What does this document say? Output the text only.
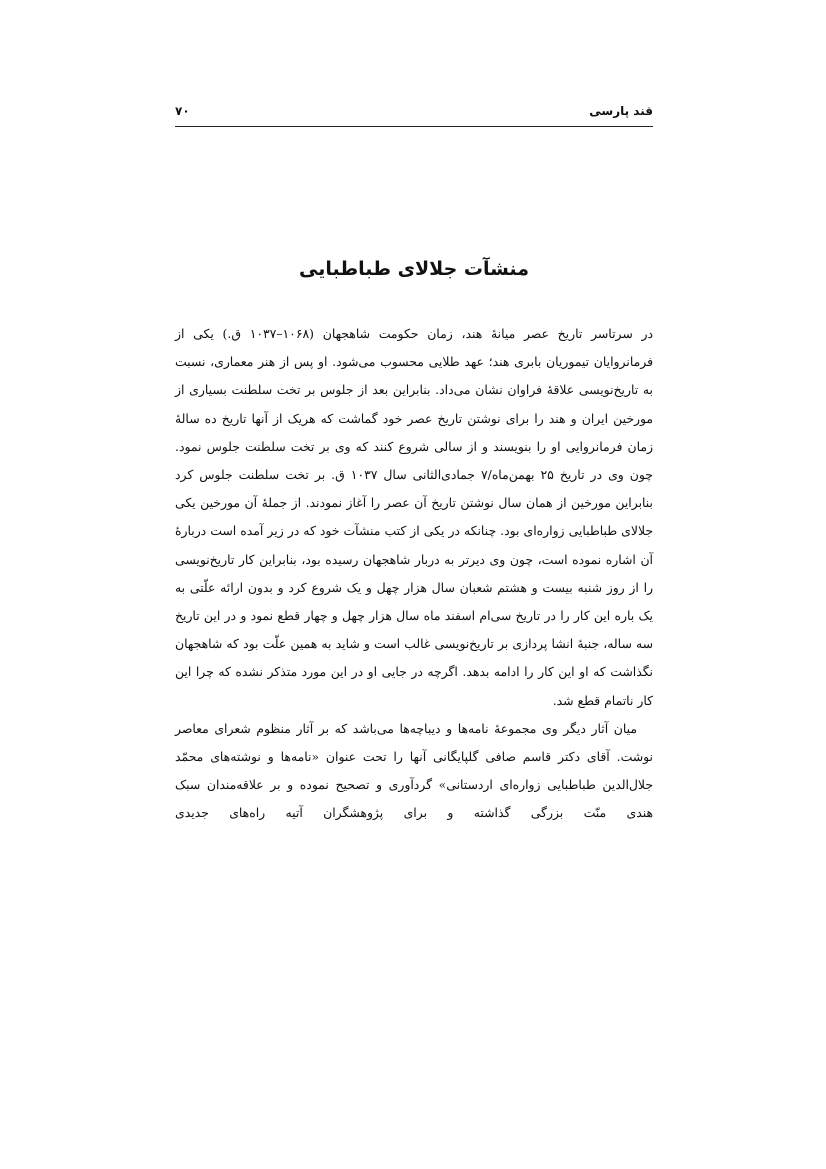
قند پارسی
۷۰
منشآت جلالای طباطبایی

در سرتاسر تاریخ عصر میانهٔ هند، زمان حکومت شاهجهان (۱۰۶۸–۱۰۳۷ ق.) یکی از فرمانروایان تیموریان بابری هند؛ عهد طلایی محسوب می‌شود. او پس از هنر معماری، نسبت به تاریخ‌نویسی علاقهٔ فراوان نشان می‌داد. بنابراین بعد از جلوس بر تخت سلطنت بسیاری از مورخین ایران و هند را برای نوشتن تاریخ عصر خود گماشت که هریک از آنها تاریخ ده سالهٔ زمان فرمانروایی او را بنویسند و از سالی شروع کنند که وی بر تخت سلطنت جلوس نمود. چون وی در تاریخ ۲۵ بهمن‌ماه/۷ جمادی‌الثانی سال ۱۰۳۷ ق. بر تخت سلطنت جلوس کرد بنابراین مورخین از همان سال نوشتن تاریخ آن عصر را آغاز نمودند. از جملهٔ آن مورخین یکی جلالای طباطبایی زواره‌ای بود. چنانکه در یکی از کتب منشآت خود که در زیر آمده است دربارهٔ آن اشاره نموده است، چون وی دیرتر به دربار شاهجهان رسیده بود، بنابراین کار تاریخ‌نویسی را از روز شنبه بیست و هشتم شعبان سال هزار چهل و یک شروع کرد و بدون ارائه علّتی به یک باره این کار را در تاریخ سی‌ام اسفند ماه سال هزار چهل و چهار قطع نمود و در این تاریخ سه ساله، جنبهٔ انشا پردازی بر تاریخ‌نویسی غالب است و شاید به همین علّت بود که شاهجهان نگذاشت که او این کار را ادامه بدهد. اگرچه در جایی او در این مورد متذکر نشده که چرا این کار ناتمام قطع شد.

میان آثار دیگر وی مجموعهٔ نامه‌ها و دیباچه‌ها می‌باشد که بر آثار منظوم شعرای معاصر نوشت. آقای دکتر قاسم صافی گلپایگانی آنها را تحت عنوان «نامه‌ها و نوشته‌های محمّد جلال‌الدین طباطبایی زواره‌ای اردستانی» گردآوری و تصحیح نموده و بر علاقه‌مندان سبک هندی منّت بزرگی گذاشته و برای پژوهشگران آتیه راه‌های جدیدی
